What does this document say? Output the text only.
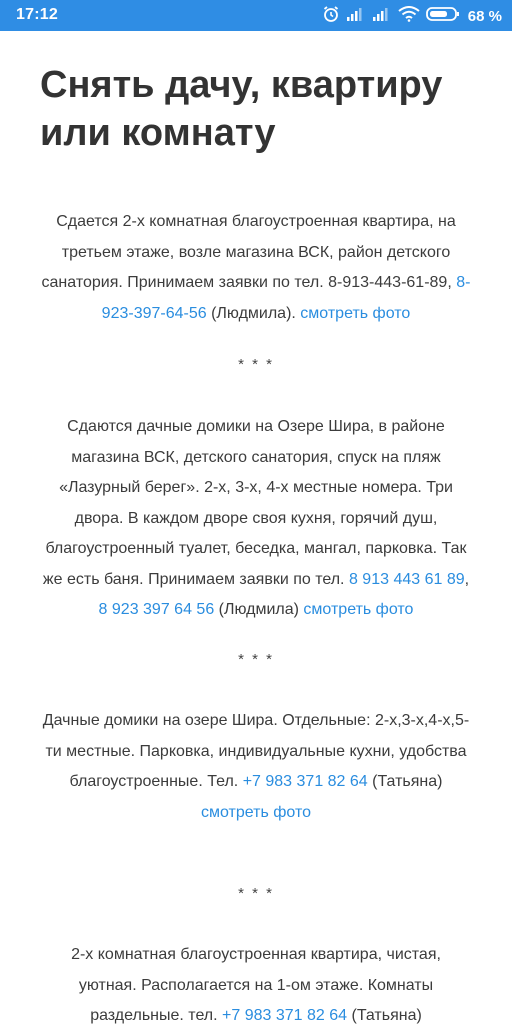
17:12	68 %
Снять дачу, квартиру или комнату

Сдается 2-х комнатная благоустроенная квартира, на третьем этаже, возле магазина ВСК, район детского санатория. Принимаем заявки по тел. 8-913-443-61-89, 8-923-397-64-56 (Людмила). смотреть фото

* * *

Сдаются дачные домики на Озере Шира, в районе магазина ВСК, детского санатория, спуск на пляж «Лазурный берег». 2-х, 3-х, 4-х местные номера. Три двора. В каждом дворе своя кухня, горячий душ, благоустроенный туалет, беседка, мангал, парковка. Так же есть баня. Принимаем заявки по тел. 8 913 443 61 89, 8 923 397 64 56 (Людмила) смотреть фото

* * *

Дачные домики на озере Шира. Отдельные: 2-х,3-х,4-х,5-ти местные. Парковка, индивидуальные кухни, удобства благоустроенные. Тел. +7 983 371 82 64 (Татьяна)
смотреть фото

* * *

2-х комнатная благоустроенная квартира, чистая, уютная. Располагается на 1-ом этаже. Комнаты раздельные. тел. +7 983 371 82 64 (Татьяна)
